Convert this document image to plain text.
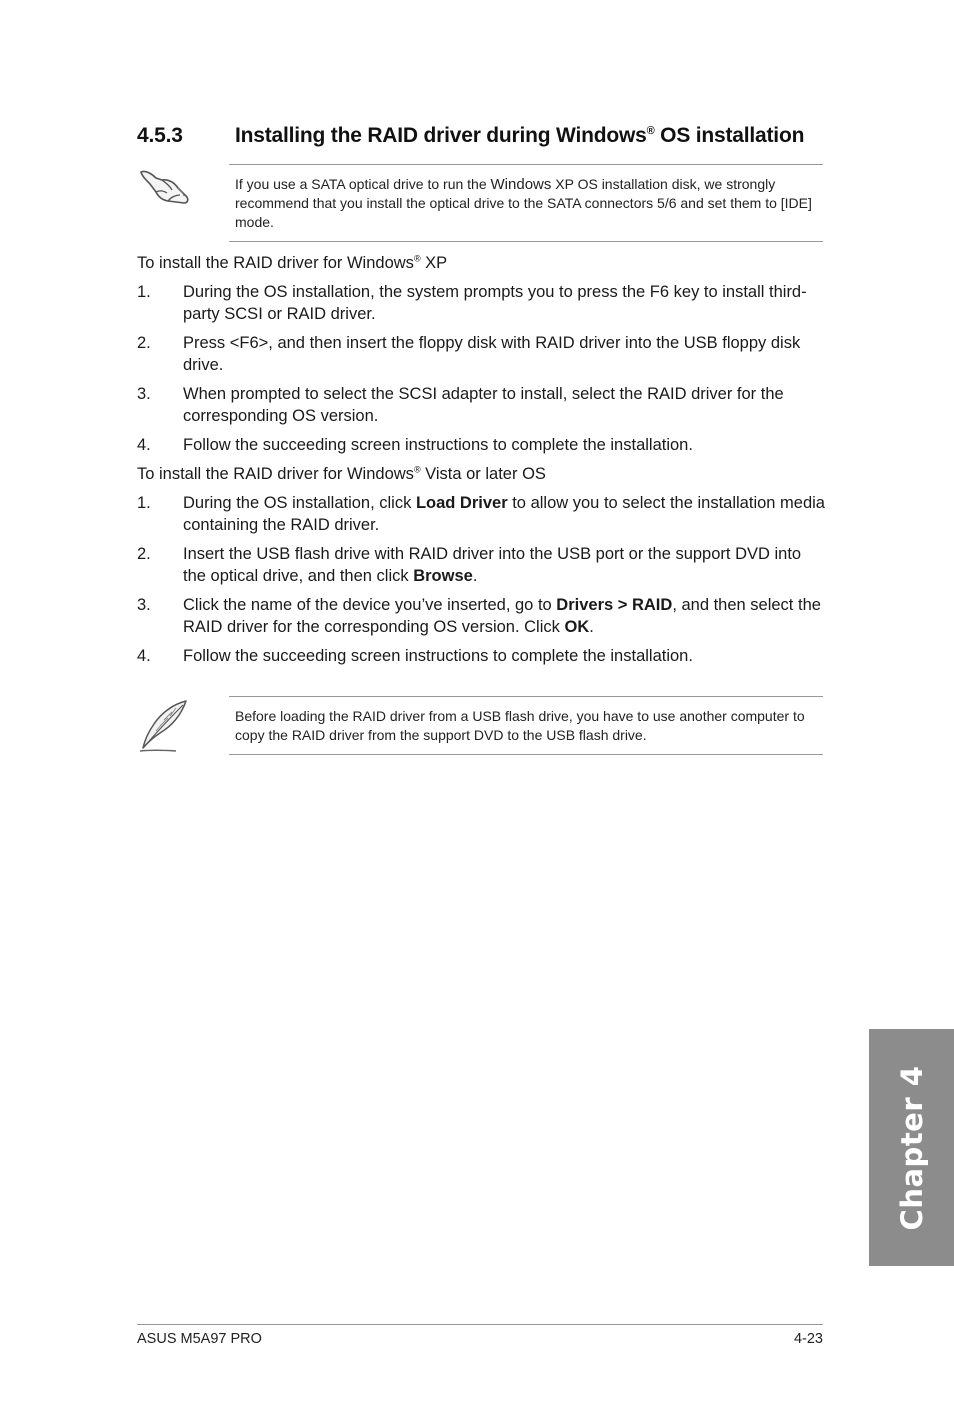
4.5.3	Installing the RAID driver during Windows® OS installation
If you use a SATA optical drive to run the Windows XP OS installation disk, we strongly recommend that you install the optical drive to the SATA connectors 5/6 and set them to [IDE] mode.

To install the RAID driver for Windows® XP

1.	During the OS installation, the system prompts you to press the F6 key to install third-party SCSI or RAID driver.
2.	Press <F6>, and then insert the floppy disk with RAID driver into the USB floppy disk drive.
3.	When prompted to select the SCSI adapter to install, select the RAID driver for the corresponding OS version.
4.	Follow the succeeding screen instructions to complete the installation.

To install the RAID driver for Windows® Vista or later OS

1.	During the OS installation, click Load Driver to allow you to select the installation media containing the RAID driver.
2.	Insert the USB flash drive with RAID driver into the USB port or the support DVD into the optical drive, and then click Browse.
3.	Click the name of the device you’ve inserted, go to Drivers > RAID, and then select the RAID driver for the corresponding OS version. Click OK.
4.	Follow the succeeding screen instructions to complete the installation.
Before loading the RAID driver from a USB flash drive, you have to use another computer to copy the RAID driver from the support DVD to the USB flash drive.
Chapter 4
ASUS M5A97 PRO	4-23
